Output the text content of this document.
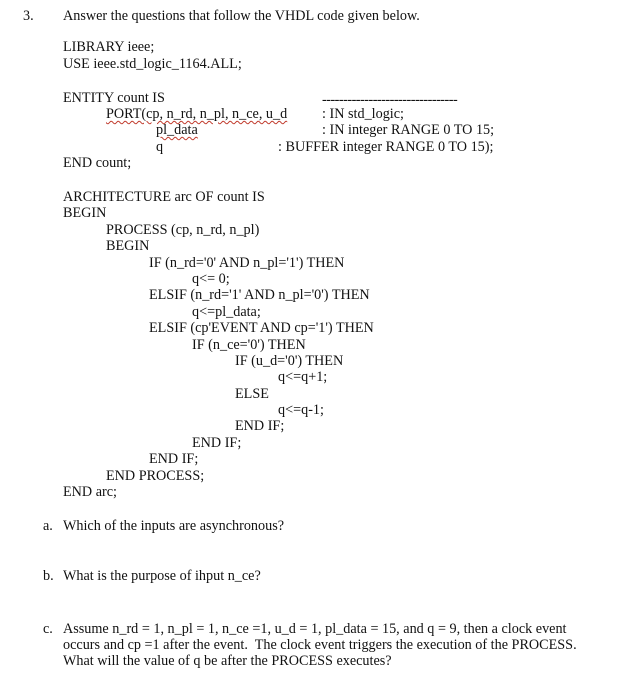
3. Answer the questions that follow the VHDL code given below.
LIBRARY ieee;
USE ieee.std_logic_1164.ALL;
ENTITY count IS	--------------------------------
PORT(cp, n_rd, n_pl, n_ce, u_d : IN std_logic;
pl_data	: IN integer RANGE 0 TO 15;
q	: BUFFER integer RANGE 0 TO 15);
END count;
ARCHITECTURE arc OF count IS
BEGIN
PROCESS (cp, n_rd, n_pl)
BEGIN
IF (n_rd='0' AND n_pl='1') THEN
q<= 0;
ELSIF (n_rd='1' AND n_pl='0') THEN
q<=pl_data;
ELSIF (cp'EVENT AND cp='1') THEN
IF (n_ce='0') THEN
IF (u_d='0') THEN
q<=q+1;
ELSE
q<=q-1;
END IF;
END IF;
END IF;
END PROCESS;
END arc;
a. Which of the inputs are asynchronous?
b. What is the purpose of ihput n_ce?
c. Assume n_rd = 1, n_pl = 1, n_ce =1, u_d = 1, pl_data = 15, and q = 9, then a clock event
occurs and cp =1 after the event.  The clock event triggers the execution of the PROCESS.
What will the value of q be after the PROCESS executes?
